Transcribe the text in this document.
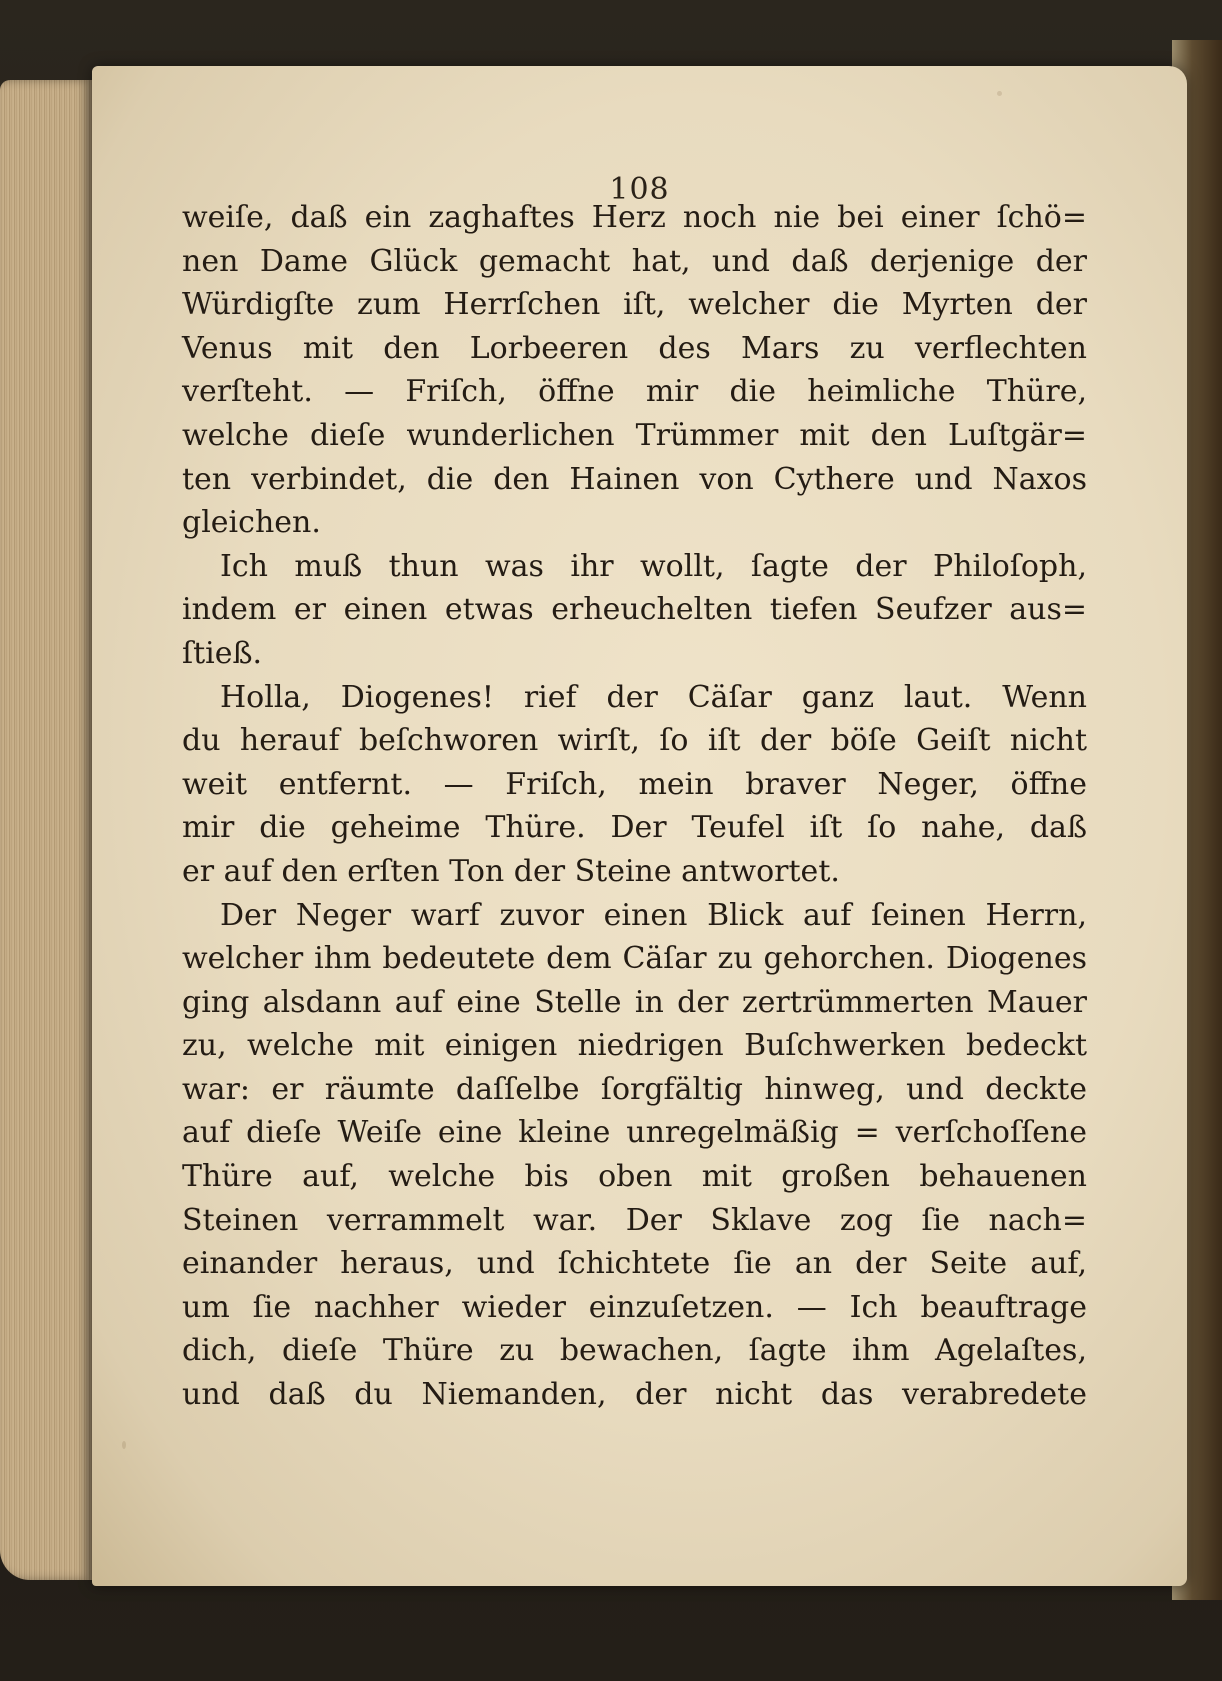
108
weiſe, daß ein zaghaftes Herz noch nie bei einer ſchö=
nen Dame Glück gemacht hat, und daß derjenige der
Würdigſte zum Herrſchen iſt, welcher die Myrten der
Venus mit den Lorbeeren des Mars zu verflechten
verſteht. — Friſch, öffne mir die heimliche Thüre,
welche dieſe wunderlichen Trümmer mit den Luſtgär=
ten verbindet, die den Hainen von Cythere und Naxos
gleichen.
Ich muß thun was ihr wollt, ſagte der Philoſoph,
indem er einen etwas erheuchelten tiefen Seufzer aus=
ſtieß.
Holla, Diogenes! rief der Cäſar ganz laut. Wenn
du herauf beſchworen wirſt, ſo iſt der böſe Geiſt nicht
weit entfernt. — Friſch, mein braver Neger, öffne
mir die geheime Thüre. Der Teufel iſt ſo nahe, daß
er auf den erſten Ton der Steine antwortet.
Der Neger warf zuvor einen Blick auf ſeinen Herrn,
welcher ihm bedeutete dem Cäſar zu gehorchen. Diogenes
ging alsdann auf eine Stelle in der zertrümmerten Mauer
zu, welche mit einigen niedrigen Buſchwerken bedeckt
war: er räumte daſſelbe ſorgfältig hinweg, und deckte
auf dieſe Weiſe eine kleine unregelmäßig = verſchoſſene
Thüre auf, welche bis oben mit großen behauenen
Steinen verrammelt war. Der Sklave zog ſie nach=
einander heraus, und ſchichtete ſie an der Seite auf,
um ſie nachher wieder einzuſetzen. — Ich beauftrage
dich, dieſe Thüre zu bewachen, ſagte ihm Agelaſtes,
und daß du Niemanden, der nicht das verabredete
